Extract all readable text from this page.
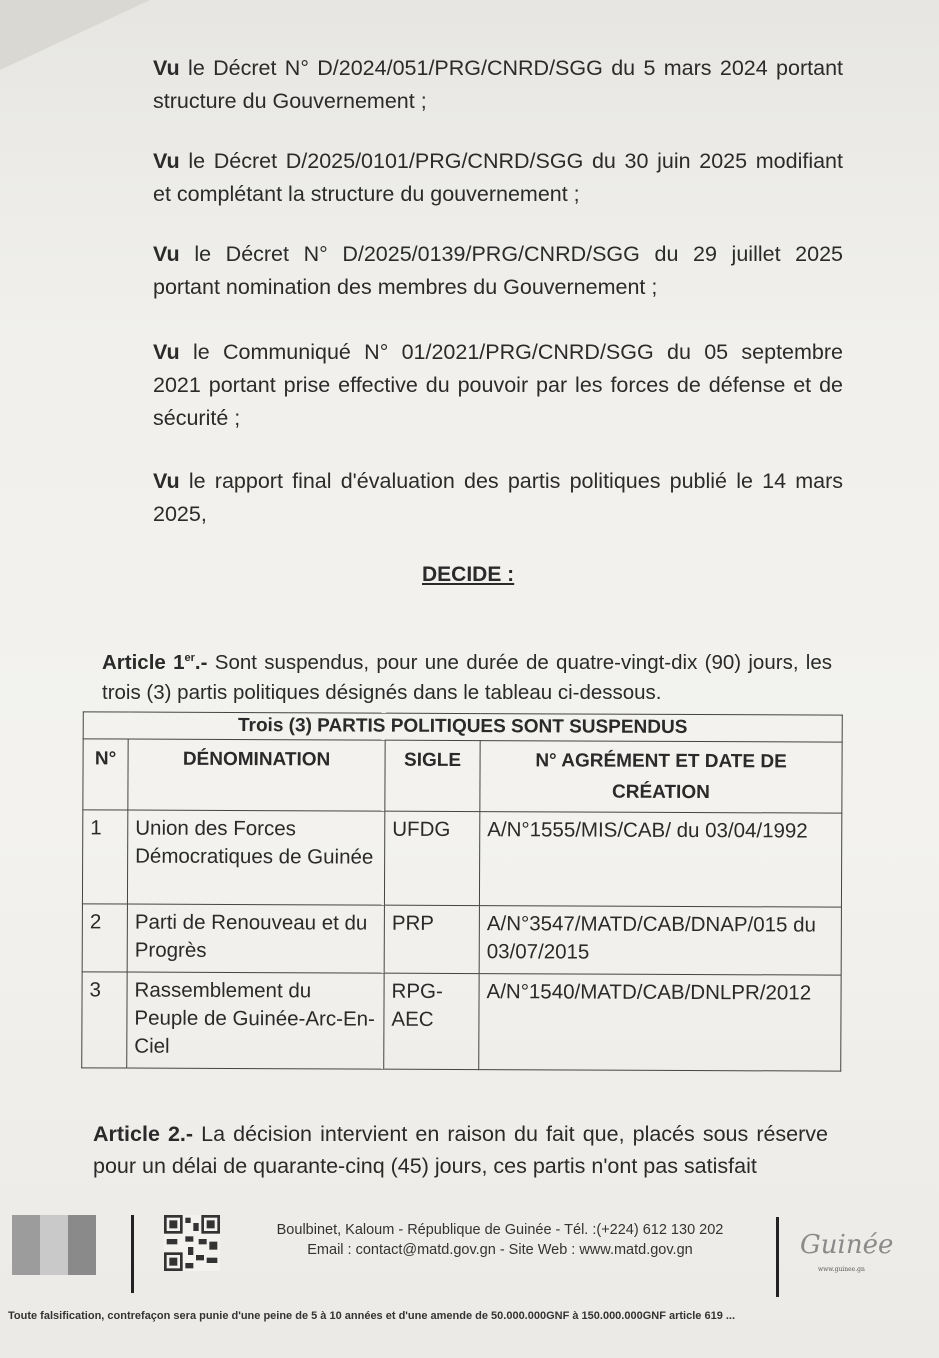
Vu le Décret N° D/2024/051/PRG/CNRD/SGG du 5 mars 2024 portant structure du Gouvernement ;
Vu le Décret D/2025/0101/PRG/CNRD/SGG du 30 juin 2025 modifiant et complétant la structure du gouvernement ;
Vu le Décret N° D/2025/0139/PRG/CNRD/SGG du 29 juillet 2025 portant nomination des membres du Gouvernement ;
Vu le Communiqué N° 01/2021/PRG/CNRD/SGG du 05 septembre 2021 portant prise effective du pouvoir par les forces de défense et de sécurité ;
Vu le rapport final d'évaluation des partis politiques publié le 14 mars 2025,
DECIDE :
Article 1er.- Sont suspendus, pour une durée de quatre-vingt-dix (90) jours, les trois (3) partis politiques désignés dans le tableau ci-dessous.
Trois (3) PARTIS POLITIQUES SONT SUSPENDUS			
N°	DÉNOMINATION	SIGLE	N° AGRÉMENT ET DATE DE CRÉATION
1	Union des Forces Démocratiques de Guinée	UFDG	A/N°1555/MIS/CAB/ du 03/04/1992
2	Parti de Renouveau et du Progrès	PRP	A/N°3547/MATD/CAB/DNAP/015 du 03/07/2015
3	Rassemblement du Peuple de Guinée-Arc-En-Ciel	RPG-AEC	A/N°1540/MATD/CAB/DNLPR/2012
Article 2.- La décision intervient en raison du fait que, placés sous réserve pour un délai de quarante-cinq (45) jours, ces partis n'ont pas satisfait
Boulbinet, Kaloum - République de Guinée - Tél. :(+224) 612 130 202
Email : contact@matd.gov.gn - Site Web : www.matd.gov.gn	Guinée
www.guinee.gn
Toute falsification, contrefaçon sera punie d'une peine de 5 à 10 années et d'une amende de 50.000.000GNF à 150.000.000GNF article 619 ...
